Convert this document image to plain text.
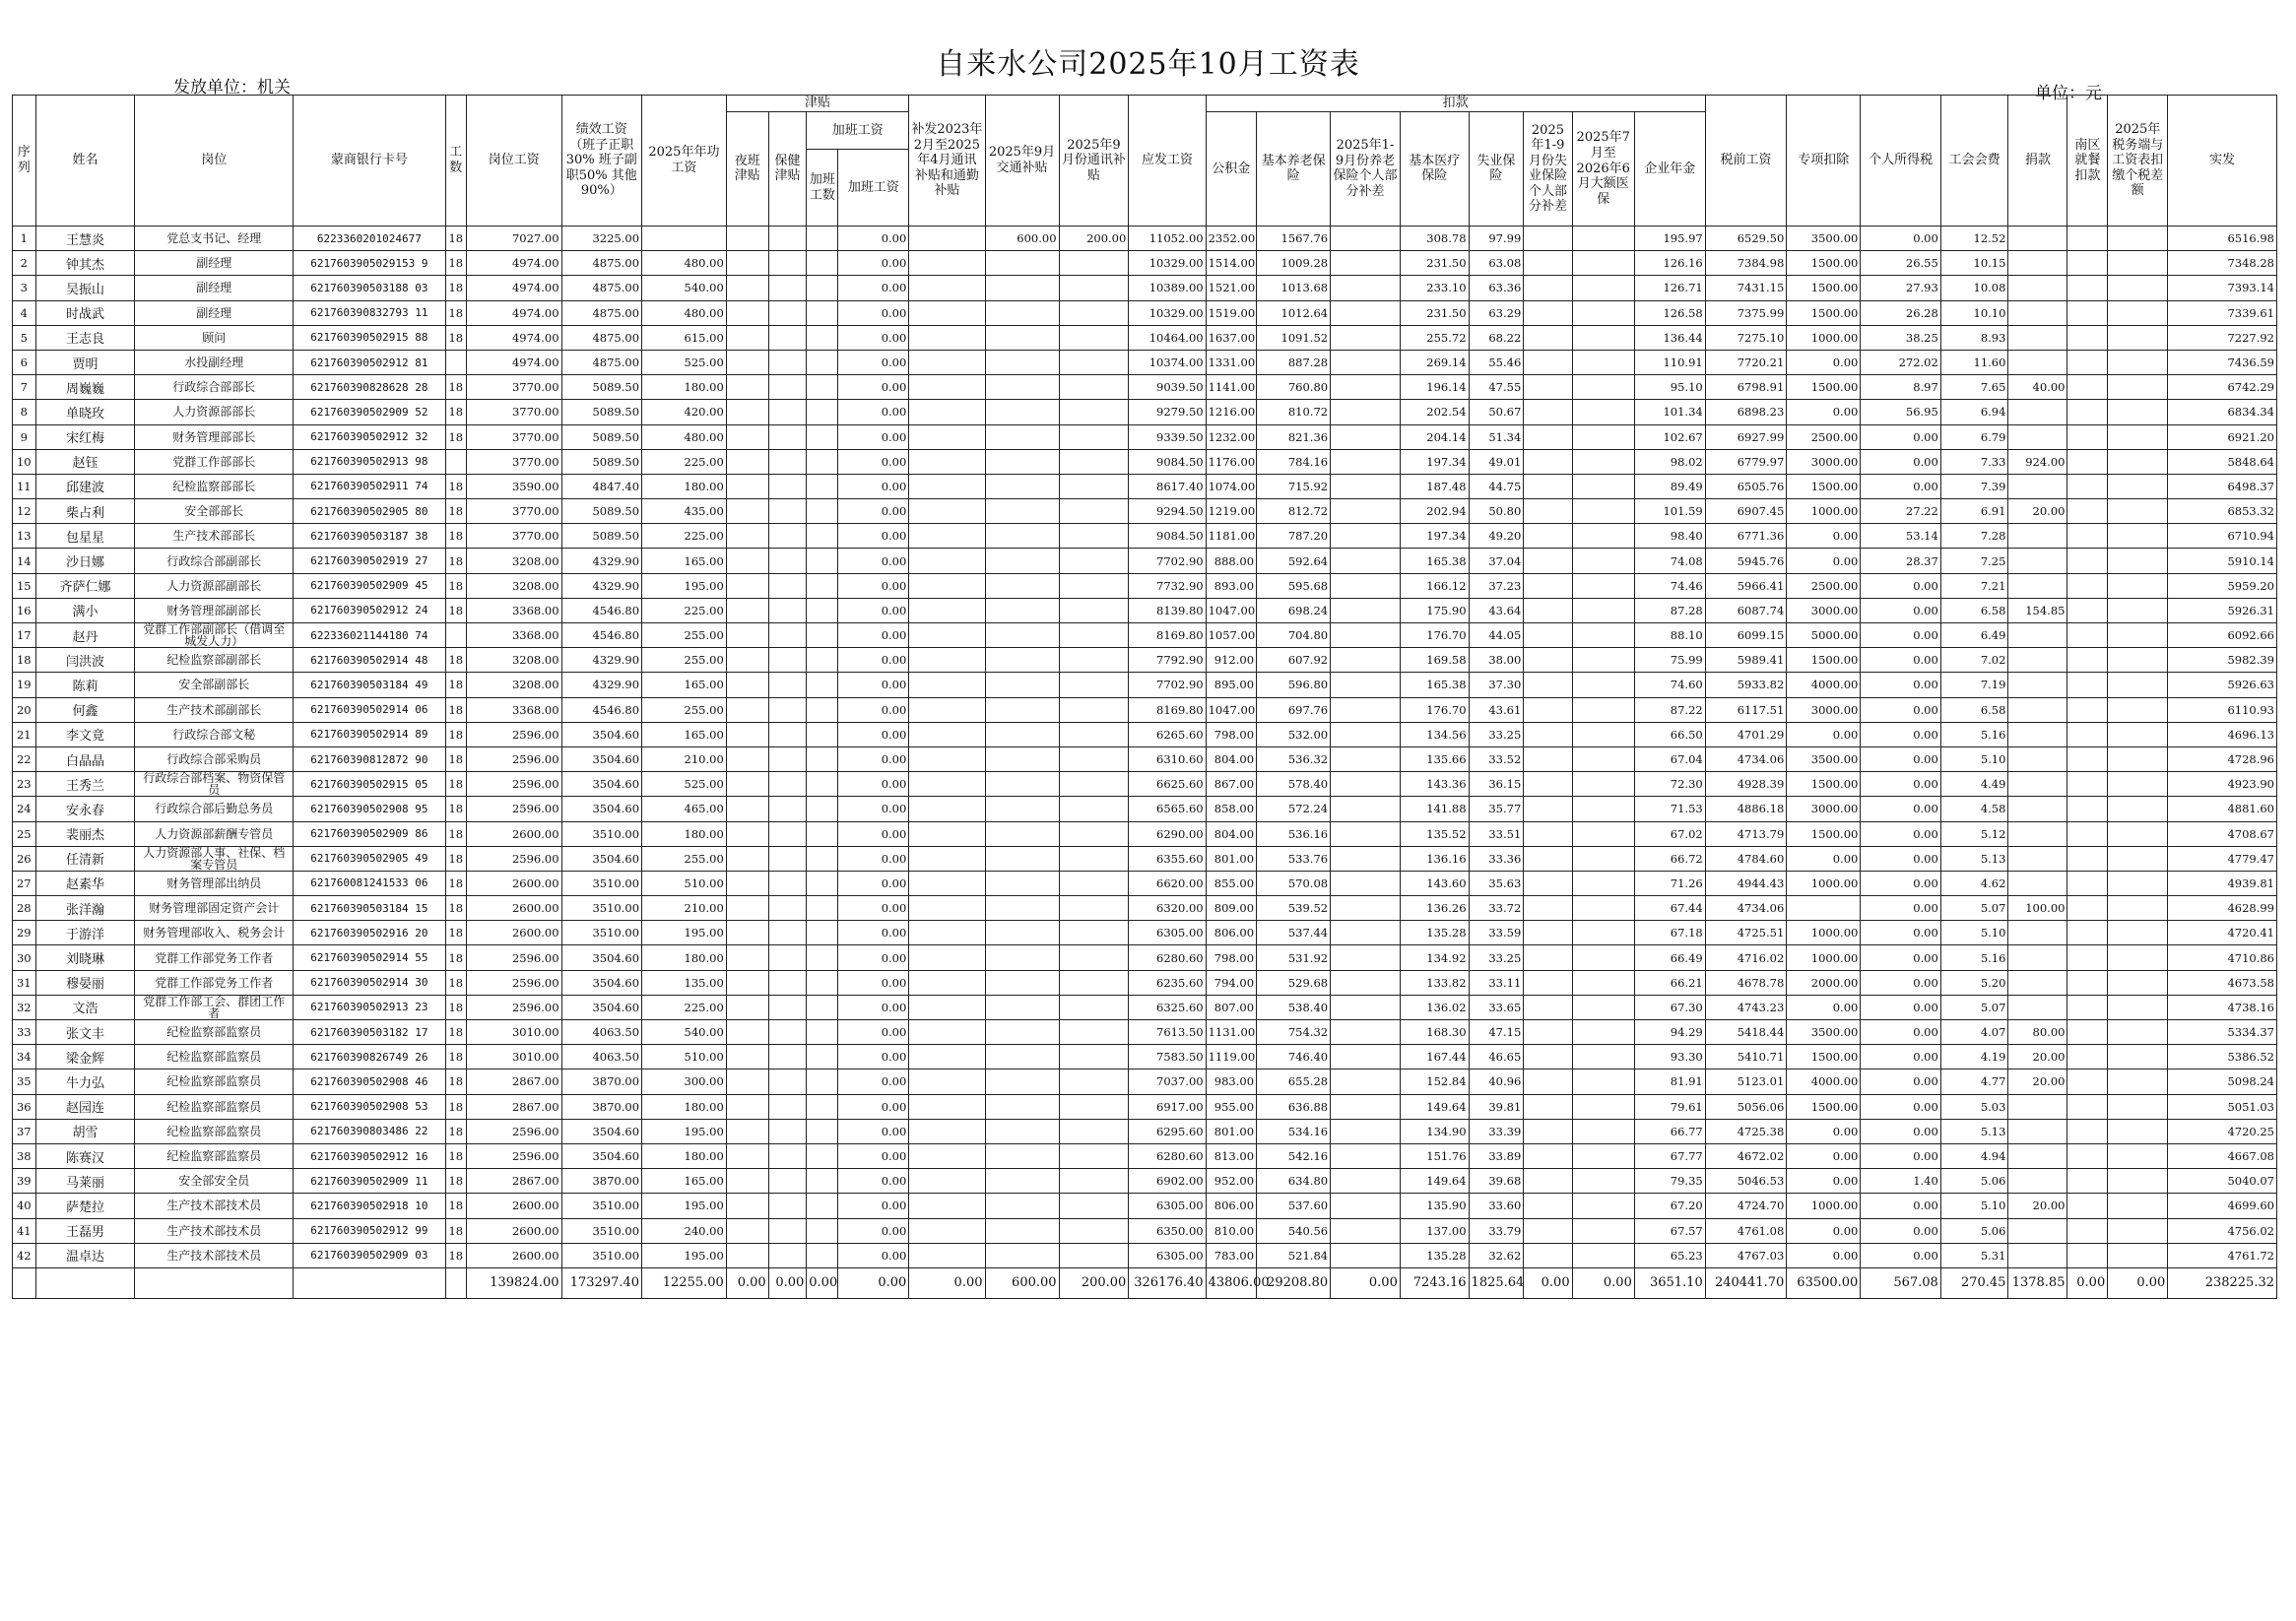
自来水公司2025年10月工资表
发放单位：机关	单位：元
序列	姓名	岗位	蒙商银行卡号	工数	岗位工资	绩效工资（班子正职30% 班子副职50% 其他90%）	2025年年功工资	津贴				补发2023年2月至2025年4月通讯补贴和通勤补贴	2025年9月交通补贴	2025年9月份通讯补贴	应发工资	扣款								税前工资	专项扣除	个人所得税	工会会费	捐款	南区就餐扣款	2025年税务端与工资表扣缴个税差额	实发
								夜班津贴	保健津贴	加班工资						公积金	基本养老保险	2025年1-9月份养老保险个人部分补差	基本医疗保险	失业保险	2025年1-9月份失业保险个人部分补差	2025年7月至2026年6月大额医保	企业年金								
										加班工数	加班工资																				
1	王慧炎	党总支书记、经理	6223360201024677	18	7027.00	3225.00					0.00		600.00	200.00	11052.00	2352.00	1567.76		308.78	97.99			195.97	6529.50	3500.00	0.00	12.52				6516.98
2	钟其杰	副经理	6217603905029153 9	18	4974.00	4875.00	480.00				0.00				10329.00	1514.00	1009.28		231.50	63.08			126.16	7384.98	1500.00	26.55	10.15				7348.28
3	吴振山	副经理	621760390503188 03	18	4974.00	4875.00	540.00				0.00				10389.00	1521.00	1013.68		233.10	63.36			126.71	7431.15	1500.00	27.93	10.08				7393.14
4	时战武	副经理	621760390832793 11	18	4974.00	4875.00	480.00				0.00				10329.00	1519.00	1012.64		231.50	63.29			126.58	7375.99	1500.00	26.28	10.10				7339.61
5	王志良	顾问	621760390502915 88	18	4974.00	4875.00	615.00				0.00				10464.00	1637.00	1091.52		255.72	68.22			136.44	7275.10	1000.00	38.25	8.93				7227.92
6	贾明	水投副经理	621760390502912 81		4974.00	4875.00	525.00				0.00				10374.00	1331.00	887.28		269.14	55.46			110.91	7720.21	0.00	272.02	11.60				7436.59
7	周巍巍	行政综合部部长	621760390828628 28	18	3770.00	5089.50	180.00				0.00				9039.50	1141.00	760.80		196.14	47.55			95.10	6798.91	1500.00	8.97	7.65	40.00			6742.29
8	单晓玫	人力资源部部长	621760390502909 52	18	3770.00	5089.50	420.00				0.00				9279.50	1216.00	810.72		202.54	50.67			101.34	6898.23	0.00	56.95	6.94				6834.34
9	宋红梅	财务管理部部长	621760390502912 32	18	3770.00	5089.50	480.00				0.00				9339.50	1232.00	821.36		204.14	51.34			102.67	6927.99	2500.00	0.00	6.79				6921.20
10	赵钰	党群工作部部长	621760390502913 98		3770.00	5089.50	225.00				0.00				9084.50	1176.00	784.16		197.34	49.01			98.02	6779.97	3000.00	0.00	7.33	924.00			5848.64
11	邱建波	纪检监察部部长	621760390502911 74	18	3590.00	4847.40	180.00				0.00				8617.40	1074.00	715.92		187.48	44.75			89.49	6505.76	1500.00	0.00	7.39				6498.37
12	柴占利	安全部部长	621760390502905 80	18	3770.00	5089.50	435.00				0.00				9294.50	1219.00	812.72		202.94	50.80			101.59	6907.45	1000.00	27.22	6.91	20.00			6853.32
13	包星星	生产技术部部长	621760390503187 38	18	3770.00	5089.50	225.00				0.00				9084.50	1181.00	787.20		197.34	49.20			98.40	6771.36	0.00	53.14	7.28				6710.94
14	沙日娜	行政综合部副部长	621760390502919 27	18	3208.00	4329.90	165.00				0.00				7702.90	888.00	592.64		165.38	37.04			74.08	5945.76	0.00	28.37	7.25				5910.14
15	齐萨仁娜	人力资源部副部长	621760390502909 45	18	3208.00	4329.90	195.00				0.00				7732.90	893.00	595.68		166.12	37.23			74.46	5966.41	2500.00	0.00	7.21				5959.20
16	满小	财务管理部副部长	621760390502912 24	18	3368.00	4546.80	225.00				0.00				8139.80	1047.00	698.24		175.90	43.64			87.28	6087.74	3000.00	0.00	6.58	154.85			5926.31
17	赵丹	党群工作部副部长（借调至城发人力）	622336021144180 74		3368.00	4546.80	255.00				0.00				8169.80	1057.00	704.80		176.70	44.05			88.10	6099.15	5000.00	0.00	6.49				6092.66
18	闫洪波	纪检监察部副部长	621760390502914 48	18	3208.00	4329.90	255.00				0.00				7792.90	912.00	607.92		169.58	38.00			75.99	5989.41	1500.00	0.00	7.02				5982.39
19	陈莉	安全部副部长	621760390503184 49	18	3208.00	4329.90	165.00				0.00				7702.90	895.00	596.80		165.38	37.30			74.60	5933.82	4000.00	0.00	7.19				5926.63
20	何鑫	生产技术部副部长	621760390502914 06	18	3368.00	4546.80	255.00				0.00				8169.80	1047.00	697.76		176.70	43.61			87.22	6117.51	3000.00	0.00	6.58				6110.93
21	李文竟	行政综合部文秘	621760390502914 89	18	2596.00	3504.60	165.00				0.00				6265.60	798.00	532.00		134.56	33.25			66.50	4701.29	0.00	0.00	5.16				4696.13
22	白晶晶	行政综合部采购员	621760390812872 90	18	2596.00	3504.60	210.00				0.00				6310.60	804.00	536.32		135.66	33.52			67.04	4734.06	3500.00	0.00	5.10				4728.96
23	王秀兰	行政综合部档案、物资保管员	621760390502915 05	18	2596.00	3504.60	525.00				0.00				6625.60	867.00	578.40		143.36	36.15			72.30	4928.39	1500.00	0.00	4.49				4923.90
24	安永春	行政综合部后勤总务员	621760390502908 95	18	2596.00	3504.60	465.00				0.00				6565.60	858.00	572.24		141.88	35.77			71.53	4886.18	3000.00	0.00	4.58				4881.60
25	裴丽杰	人力资源部薪酬专管员	621760390502909 86	18	2600.00	3510.00	180.00				0.00				6290.00	804.00	536.16		135.52	33.51			67.02	4713.79	1500.00	0.00	5.12				4708.67
26	任清新	人力资源部人事、社保、档案专管员	621760390502905 49	18	2596.00	3504.60	255.00				0.00				6355.60	801.00	533.76		136.16	33.36			66.72	4784.60	0.00	0.00	5.13				4779.47
27	赵素华	财务管理部出纳员	621760081241533 06	18	2600.00	3510.00	510.00				0.00				6620.00	855.00	570.08		143.60	35.63			71.26	4944.43	1000.00	0.00	4.62				4939.81
28	张洋瀚	财务管理部固定资产会计	621760390503184 15	18	2600.00	3510.00	210.00				0.00				6320.00	809.00	539.52		136.26	33.72			67.44	4734.06		0.00	5.07	100.00			4628.99
29	于游洋	财务管理部收入、税务会计	621760390502916 20	18	2600.00	3510.00	195.00				0.00				6305.00	806.00	537.44		135.28	33.59			67.18	4725.51	1000.00	0.00	5.10				4720.41
30	刘晓琳	党群工作部党务工作者	621760390502914 55	18	2596.00	3504.60	180.00				0.00				6280.60	798.00	531.92		134.92	33.25			66.49	4716.02	1000.00	0.00	5.16				4710.86
31	穆晏丽	党群工作部党务工作者	621760390502914 30	18	2596.00	3504.60	135.00				0.00				6235.60	794.00	529.68		133.82	33.11			66.21	4678.78	2000.00	0.00	5.20				4673.58
32	文浩	党群工作部工会、群团工作者	621760390502913 23	18	2596.00	3504.60	225.00				0.00				6325.60	807.00	538.40		136.02	33.65			67.30	4743.23	0.00	0.00	5.07				4738.16
33	张文丰	纪检监察部监察员	621760390503182 17	18	3010.00	4063.50	540.00				0.00				7613.50	1131.00	754.32		168.30	47.15			94.29	5418.44	3500.00	0.00	4.07	80.00			5334.37
34	梁金辉	纪检监察部监察员	621760390826749 26	18	3010.00	4063.50	510.00				0.00				7583.50	1119.00	746.40		167.44	46.65			93.30	5410.71	1500.00	0.00	4.19	20.00			5386.52
35	牛力弘	纪检监察部监察员	621760390502908 46	18	2867.00	3870.00	300.00				0.00				7037.00	983.00	655.28		152.84	40.96			81.91	5123.01	4000.00	0.00	4.77	20.00			5098.24
36	赵园连	纪检监察部监察员	621760390502908 53	18	2867.00	3870.00	180.00				0.00				6917.00	955.00	636.88		149.64	39.81			79.61	5056.06	1500.00	0.00	5.03				5051.03
37	胡雪	纪检监察部监察员	621760390803486 22	18	2596.00	3504.60	195.00				0.00				6295.60	801.00	534.16		134.90	33.39			66.77	4725.38	0.00	0.00	5.13				4720.25
38	陈赛汉	纪检监察部监察员	621760390502912 16	18	2596.00	3504.60	180.00				0.00				6280.60	813.00	542.16		151.76	33.89			67.77	4672.02	0.00	0.00	4.94				4667.08
39	马莱丽	安全部安全员	621760390502909 11	18	2867.00	3870.00	165.00				0.00				6902.00	952.00	634.80		149.64	39.68			79.35	5046.53	0.00	1.40	5.06				5040.07
40	萨楚拉	生产技术部技术员	621760390502918 10	18	2600.00	3510.00	195.00				0.00				6305.00	806.00	537.60		135.90	33.60			67.20	4724.70	1000.00	0.00	5.10	20.00			4699.60
41	王磊男	生产技术部技术员	621760390502912 99	18	2600.00	3510.00	240.00				0.00				6350.00	810.00	540.56		137.00	33.79			67.57	4761.08	0.00	0.00	5.06				4756.02
42	温卓达	生产技术部技术员	621760390502909 03	18	2600.00	3510.00	195.00				0.00				6305.00	783.00	521.84		135.28	32.62			65.23	4767.03	0.00	0.00	5.31				4761.72
					139824.00	173297.40	12255.00	0.00	0.00	0.00	0.00	0.00	600.00	200.00	326176.40	43806.00	29208.80	0.00	7243.16	1825.64	0.00	0.00	3651.10	240441.70	63500.00	567.08	270.45	1378.85	0.00	0.00	238225.32
